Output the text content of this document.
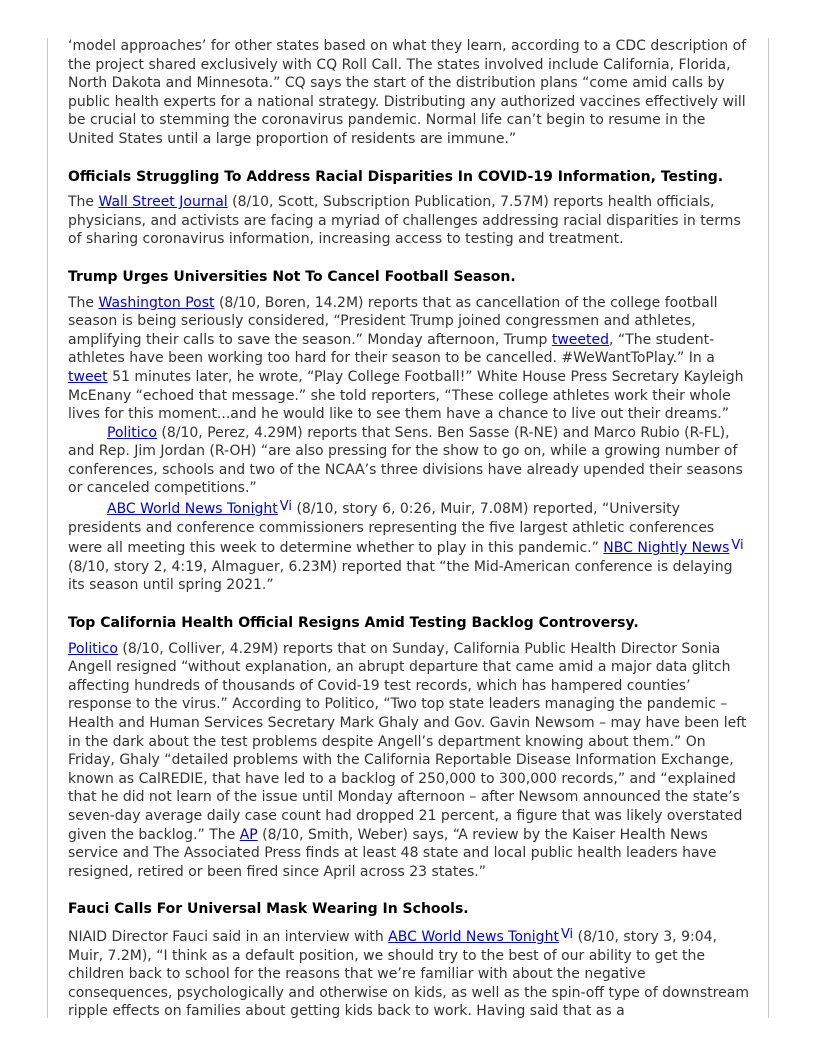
‘model approaches’ for other states based on what they learn, according to a CDC description of the project shared exclusively with CQ Roll Call. The states involved include California, Florida, North Dakota and Minnesota.” CQ says the start of the distribution plans “come amid calls by public health experts for a national strategy. Distributing any authorized vaccines effectively will be crucial to stemming the coronavirus pandemic. Normal life can’t begin to resume in the United States until a large proportion of residents are immune.”

Officials Struggling To Address Racial Disparities In COVID-19 Information, Testing.

The Wall Street Journal (8/10, Scott, Subscription Publication, 7.57M) reports health officials, physicians, and activists are facing a myriad of challenges addressing racial disparities in terms of sharing coronavirus information, increasing access to testing and treatment.

Trump Urges Universities Not To Cancel Football Season.

The Washington Post (8/10, Boren, 14.2M) reports that as cancellation of the college football season is being seriously considered, “President Trump joined congressmen and athletes, amplifying their calls to save the season.” Monday afternoon, Trump tweeted, “The student-athletes have been working too hard for their season to be cancelled. #WeWantToPlay.” In a tweet 51 minutes later, he wrote, “Play College Football!” White House Press Secretary Kayleigh McEnany “echoed that message.” she told reporters, “These college athletes work their whole lives for this moment...and he would like to see them have a chance to live out their dreams.”

Politico (8/10, Perez, 4.29M) reports that Sens. Ben Sasse (R-NE) and Marco Rubio (R-FL), and Rep. Jim Jordan (R-OH) “are also pressing for the show to go on, while a growing number of conferences, schools and two of the NCAA’s three divisions have already upended their seasons or canceled competitions.”

ABC World News Tonight Vi (8/10, story 6, 0:26, Muir, 7.08M) reported, “University presidents and conference commissioners representing the five largest athletic conferences were all meeting this week to determine whether to play in this pandemic.” NBC Nightly News Vi (8/10, story 2, 4:19, Almaguer, 6.23M) reported that “the Mid-American conference is delaying its season until spring 2021.”

Top California Health Official Resigns Amid Testing Backlog Controversy.

Politico (8/10, Colliver, 4.29M) reports that on Sunday, California Public Health Director Sonia Angell resigned “without explanation, an abrupt departure that came amid a major data glitch affecting hundreds of thousands of Covid-19 test records, which has hampered counties’ response to the virus.” According to Politico, “Two top state leaders managing the pandemic – Health and Human Services Secretary Mark Ghaly and Gov. Gavin Newsom – may have been left in the dark about the test problems despite Angell’s department knowing about them.” On Friday, Ghaly “detailed problems with the California Reportable Disease Information Exchange, known as CalREDIE, that have led to a backlog of 250,000 to 300,000 records,” and “explained that he did not learn of the issue until Monday afternoon – after Newsom announced the state’s seven-day average daily case count had dropped 21 percent, a figure that was likely overstated given the backlog.” The AP (8/10, Smith, Weber) says, “A review by the Kaiser Health News service and The Associated Press finds at least 48 state and local public health leaders have resigned, retired or been fired since April across 23 states.”

Fauci Calls For Universal Mask Wearing In Schools.

NIAID Director Fauci said in an interview with ABC World News Tonight Vi (8/10, story 3, 9:04, Muir, 7.2M), “I think as a default position, we should try to the best of our ability to get the children back to school for the reasons that we’re familiar with about the negative consequences, psychologically and otherwise on kids, as well as the spin-off type of downstream ripple effects on families about getting kids back to work. Having said that as a
